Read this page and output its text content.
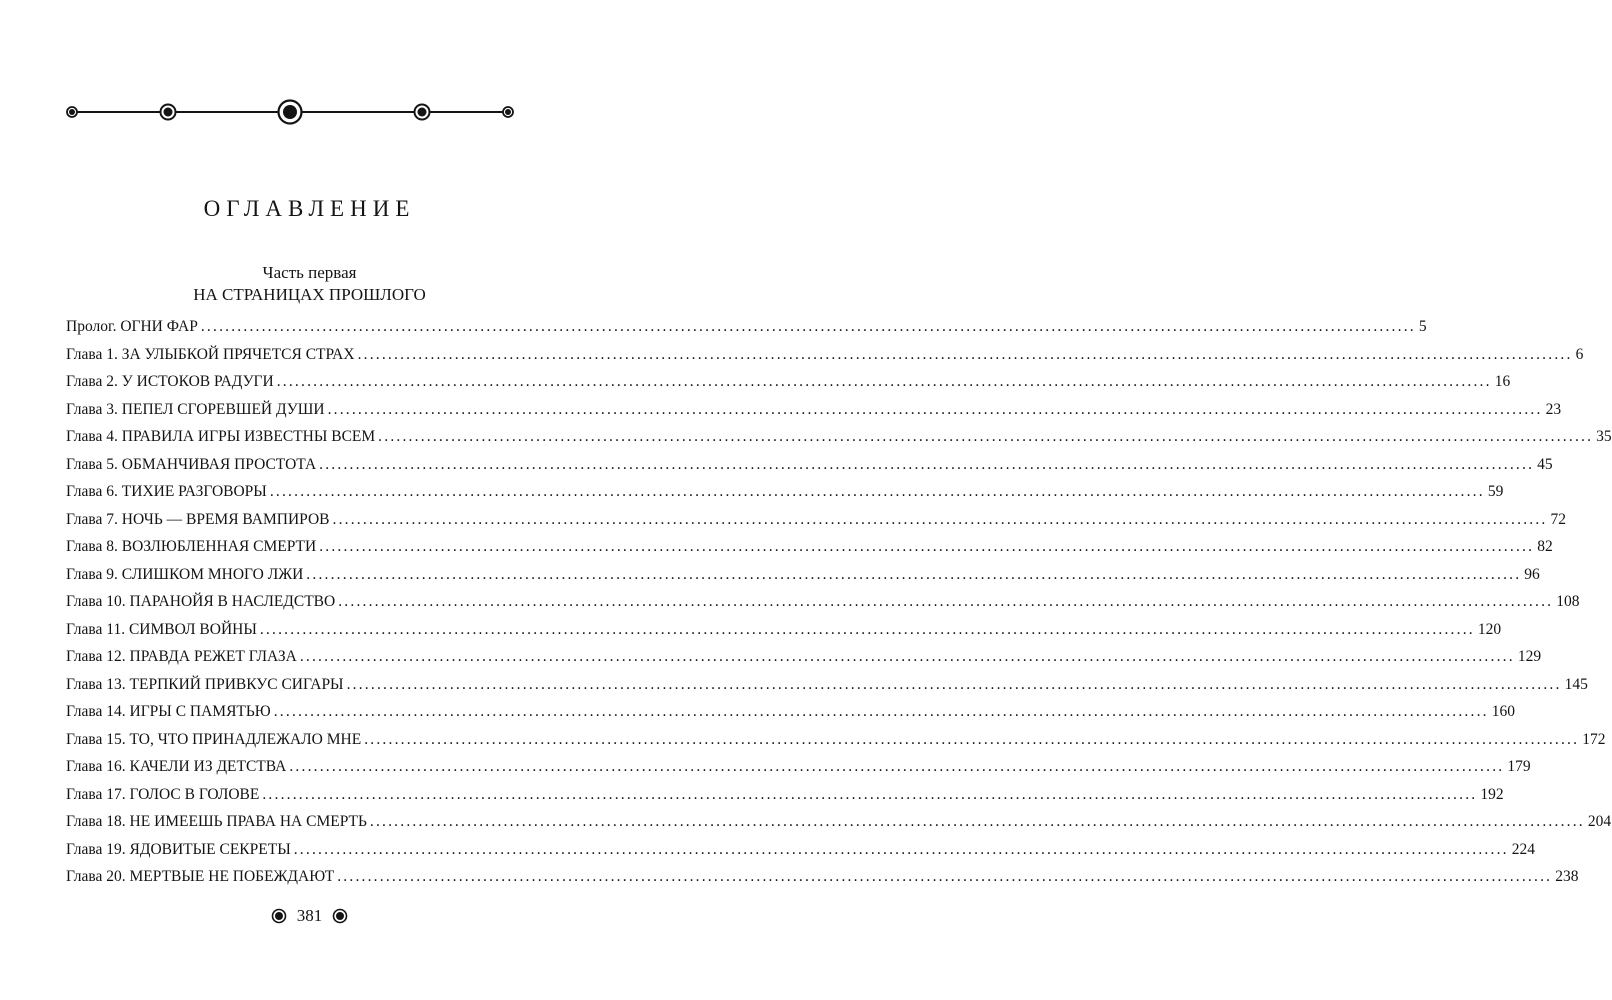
ОГЛАВЛЕНИЕ
Часть первая
НА СТРАНИЦАХ ПРОШЛОГО
Пролог. ОГНИ ФАР ........................................................................................................................................................................................................ 5
Глава 1. ЗА УЛЫБКОЙ ПРЯЧЕТСЯ СТРАХ ........................................................................................................................................................................................................ 6
Глава 2. У ИСТОКОВ РАДУГИ ........................................................................................................................................................................................................ 16
Глава 3. ПЕПЕЛ СГОРЕВШЕЙ ДУШИ ........................................................................................................................................................................................................ 23
Глава 4. ПРАВИЛА ИГРЫ ИЗВЕСТНЫ ВСЕМ ........................................................................................................................................................................................................ 35
Глава 5. ОБМАНЧИВАЯ ПРОСТОТА ........................................................................................................................................................................................................ 45
Глава 6. ТИХИЕ РАЗГОВОРЫ ........................................................................................................................................................................................................ 59
Глава 7. НОЧЬ — ВРЕМЯ ВАМПИРОВ ........................................................................................................................................................................................................ 72
Глава 8. ВОЗЛЮБЛЕННАЯ СМЕРТИ ........................................................................................................................................................................................................ 82
Глава 9. СЛИШКОМ МНОГО ЛЖИ ........................................................................................................................................................................................................ 96
Глава 10. ПАРАНОЙЯ В НАСЛЕДСТВО ........................................................................................................................................................................................................ 108
Глава 11. СИМВОЛ ВОЙНЫ ........................................................................................................................................................................................................ 120
Глава 12. ПРАВДА РЕЖЕТ ГЛАЗА ........................................................................................................................................................................................................ 129
Глава 13. ТЕРПКИЙ ПРИВКУС СИГАРЫ ........................................................................................................................................................................................................ 145
Глава 14. ИГРЫ С ПАМЯТЬЮ ........................................................................................................................................................................................................ 160
Глава 15. ТО, ЧТО ПРИНАДЛЕЖАЛО МНЕ ........................................................................................................................................................................................................ 172
Глава 16. КАЧЕЛИ ИЗ ДЕТСТВА ........................................................................................................................................................................................................ 179
Глава 17. ГОЛОС В ГОЛОВЕ ........................................................................................................................................................................................................ 192
Глава 18. НЕ ИМЕЕШЬ ПРАВА НА СМЕРТЬ ........................................................................................................................................................................................................ 204
Глава 19. ЯДОВИТЫЕ СЕКРЕТЫ ........................................................................................................................................................................................................ 224
Глава 20. МЕРТВЫЕ НЕ ПОБЕЖДАЮТ ........................................................................................................................................................................................................ 238
381
